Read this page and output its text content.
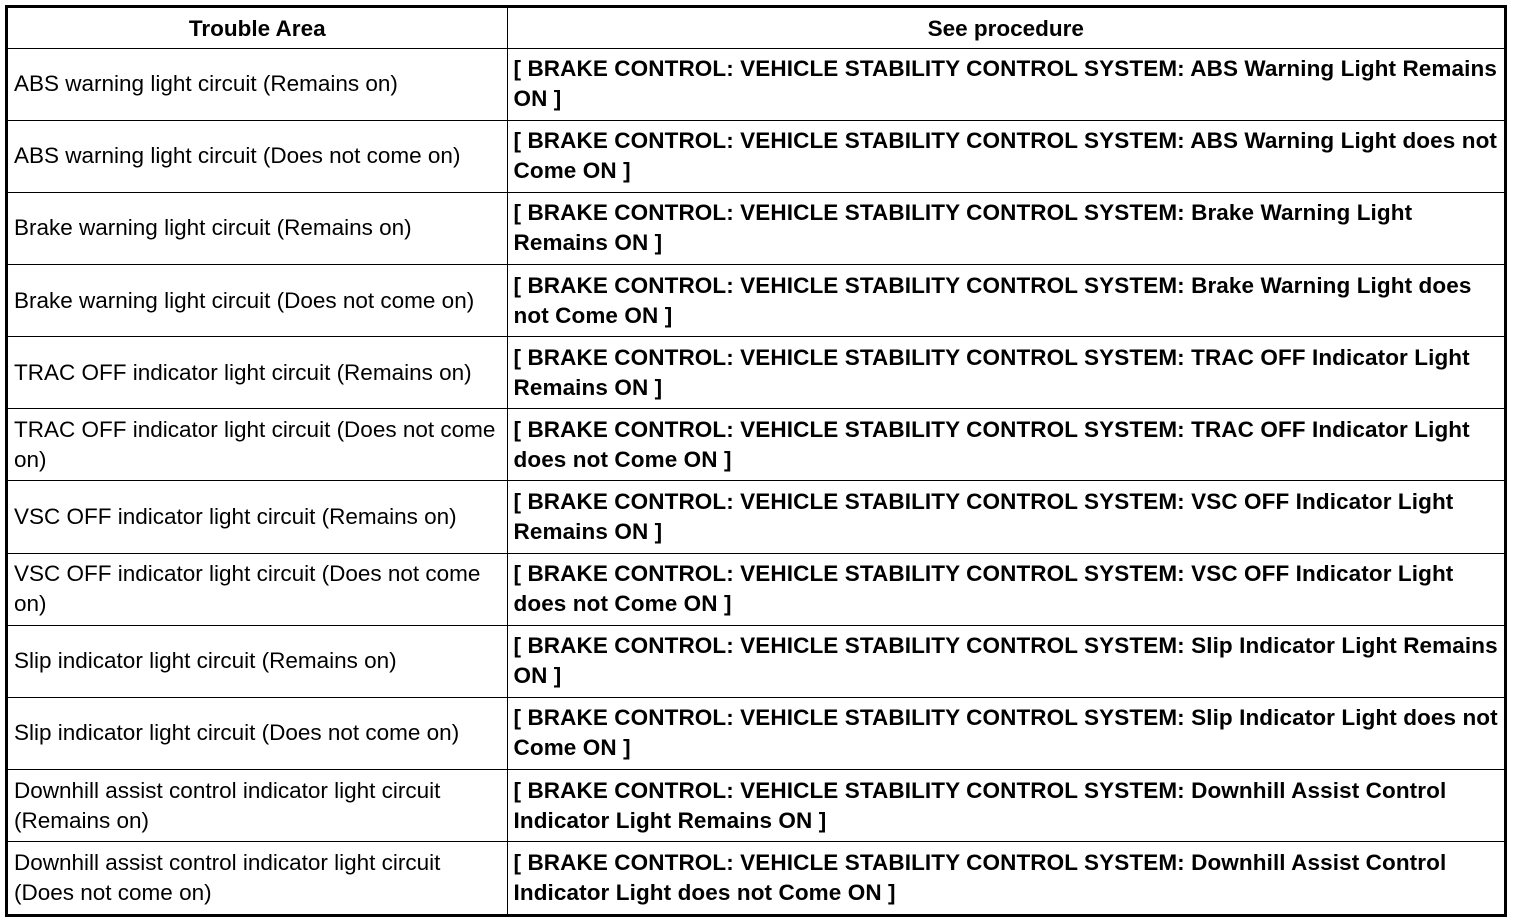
Trouble Area	See procedure
ABS warning light circuit (Remains on)	[ BRAKE CONTROL: VEHICLE STABILITY CONTROL SYSTEM: ABS Warning Light Remains ON ]
ABS warning light circuit (Does not come on)	[ BRAKE CONTROL: VEHICLE STABILITY CONTROL SYSTEM: ABS Warning Light does not Come ON ]
Brake warning light circuit (Remains on)	[ BRAKE CONTROL: VEHICLE STABILITY CONTROL SYSTEM: Brake Warning Light Remains ON ]
Brake warning light circuit (Does not come on)	[ BRAKE CONTROL: VEHICLE STABILITY CONTROL SYSTEM: Brake Warning Light does not Come ON ]
TRAC OFF indicator light circuit (Remains on)	[ BRAKE CONTROL: VEHICLE STABILITY CONTROL SYSTEM: TRAC OFF Indicator Light Remains ON ]
TRAC OFF indicator light circuit (Does not come on)	[ BRAKE CONTROL: VEHICLE STABILITY CONTROL SYSTEM: TRAC OFF Indicator Light does not Come ON ]
VSC OFF indicator light circuit (Remains on)	[ BRAKE CONTROL: VEHICLE STABILITY CONTROL SYSTEM: VSC OFF Indicator Light Remains ON ]
VSC OFF indicator light circuit (Does not come on)	[ BRAKE CONTROL: VEHICLE STABILITY CONTROL SYSTEM: VSC OFF Indicator Light does not Come ON ]
Slip indicator light circuit (Remains on)	[ BRAKE CONTROL: VEHICLE STABILITY CONTROL SYSTEM: Slip Indicator Light Remains ON ]
Slip indicator light circuit (Does not come on)	[ BRAKE CONTROL: VEHICLE STABILITY CONTROL SYSTEM: Slip Indicator Light does not Come ON ]
Downhill assist control indicator light circuit (Remains on)	[ BRAKE CONTROL: VEHICLE STABILITY CONTROL SYSTEM: Downhill Assist Control Indicator Light Remains ON ]
Downhill assist control indicator light circuit (Does not come on)	[ BRAKE CONTROL: VEHICLE STABILITY CONTROL SYSTEM: Downhill Assist Control Indicator Light does not Come ON ]
